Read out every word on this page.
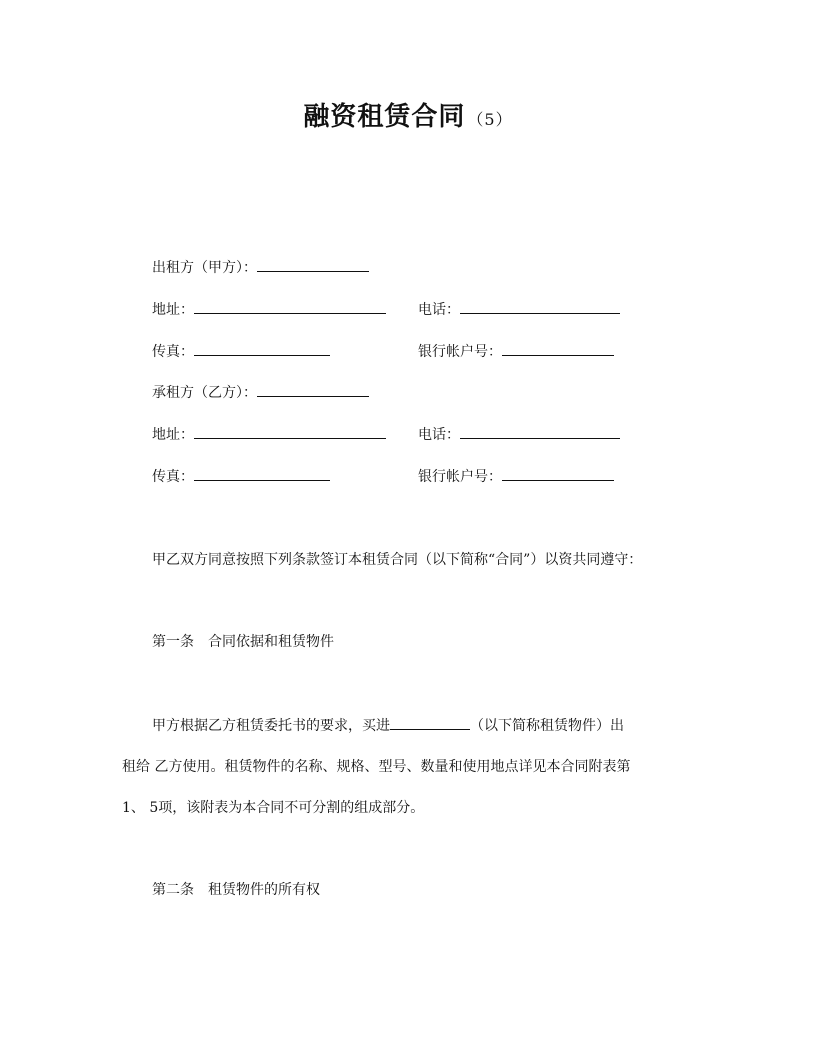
融资租赁合同 （5）
出租方（甲方）：
地址：	电话：
传真：	银行帐户号：
承租方（乙方）：
地址：	电话：
传真：	银行帐户号：
甲乙双方同意按照下列条款签订本租赁合同（以下简称“合同”）以资共同遵守：
第一条　合同依据和租赁物件
甲方根据乙方租赁委托书的要求，买进	（以下简称租赁物件）出
租给 乙方使用。租赁物件的名称、规格、型号、数量和使用地点详见本合同附表第
1、 5项，该附表为本合同不可分割的组成部分。
第二条　租赁物件的所有权
